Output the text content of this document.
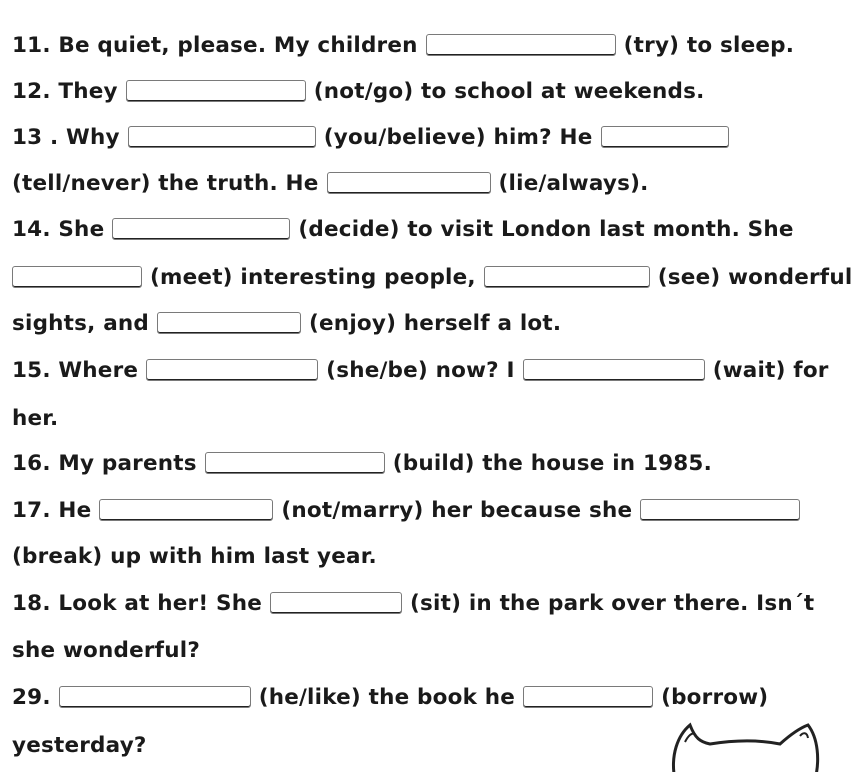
11. Be quiet, please. My children	(try) to sleep.
12. They	(not/go) to school at weekends.
13 . Why	(you/believe) him? He
(tell/never) the truth. He	(lie/always).
14. She	(decide) to visit London last month. She
(meet) interesting people,	(see) wonderful
sights, and	(enjoy) herself a lot.
15. Where	(she/be) now? I	(wait) for
her.
16. My parents	(build) the house in 1985.
17. He	(not/marry) her because she
(break) up with him last year.
18. Look at her! She	(sit) in the park over there. Isn´t
she wonderful?
29.	(he/like) the book he	(borrow)
yesterday?
